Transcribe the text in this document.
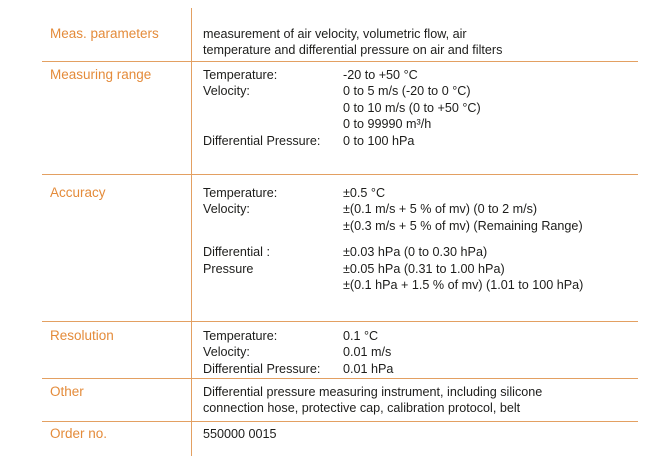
Meas. parameters	measurement of air velocity, volumetric flow, air
temperature and differential pressure on air and filters
Measuring range	Temperature:	-20 to +50 °C
Velocity:	0 to 5 m/s (-20 to 0 °C)
0 to 10 m/s (0 to +50 °C)
0 to 99990 m³/h
Differential Pressure: 0 to 100 hPa
Accuracy	Temperature:	±0.5 °C
Velocity:	±(0.1 m/s + 5 % of mv) (0 to 2 m/s)
±(0.3 m/s + 5 % of mv) (Remaining Range)
Differential :	±0.03 hPa (0 to 0.30 hPa)
Pressure	±0.05 hPa (0.31 to 1.00 hPa)
±(0.1 hPa + 1.5 % of mv) (1.01 to 100 hPa)
Resolution	Temperature:	0.1 °C
Velocity:	0.01 m/s
Differential Pressure: 0.01 hPa
Other	Differential pressure measuring instrument, including silicone
connection hose, protective cap, calibration protocol, belt
Order no.	550000 0015
